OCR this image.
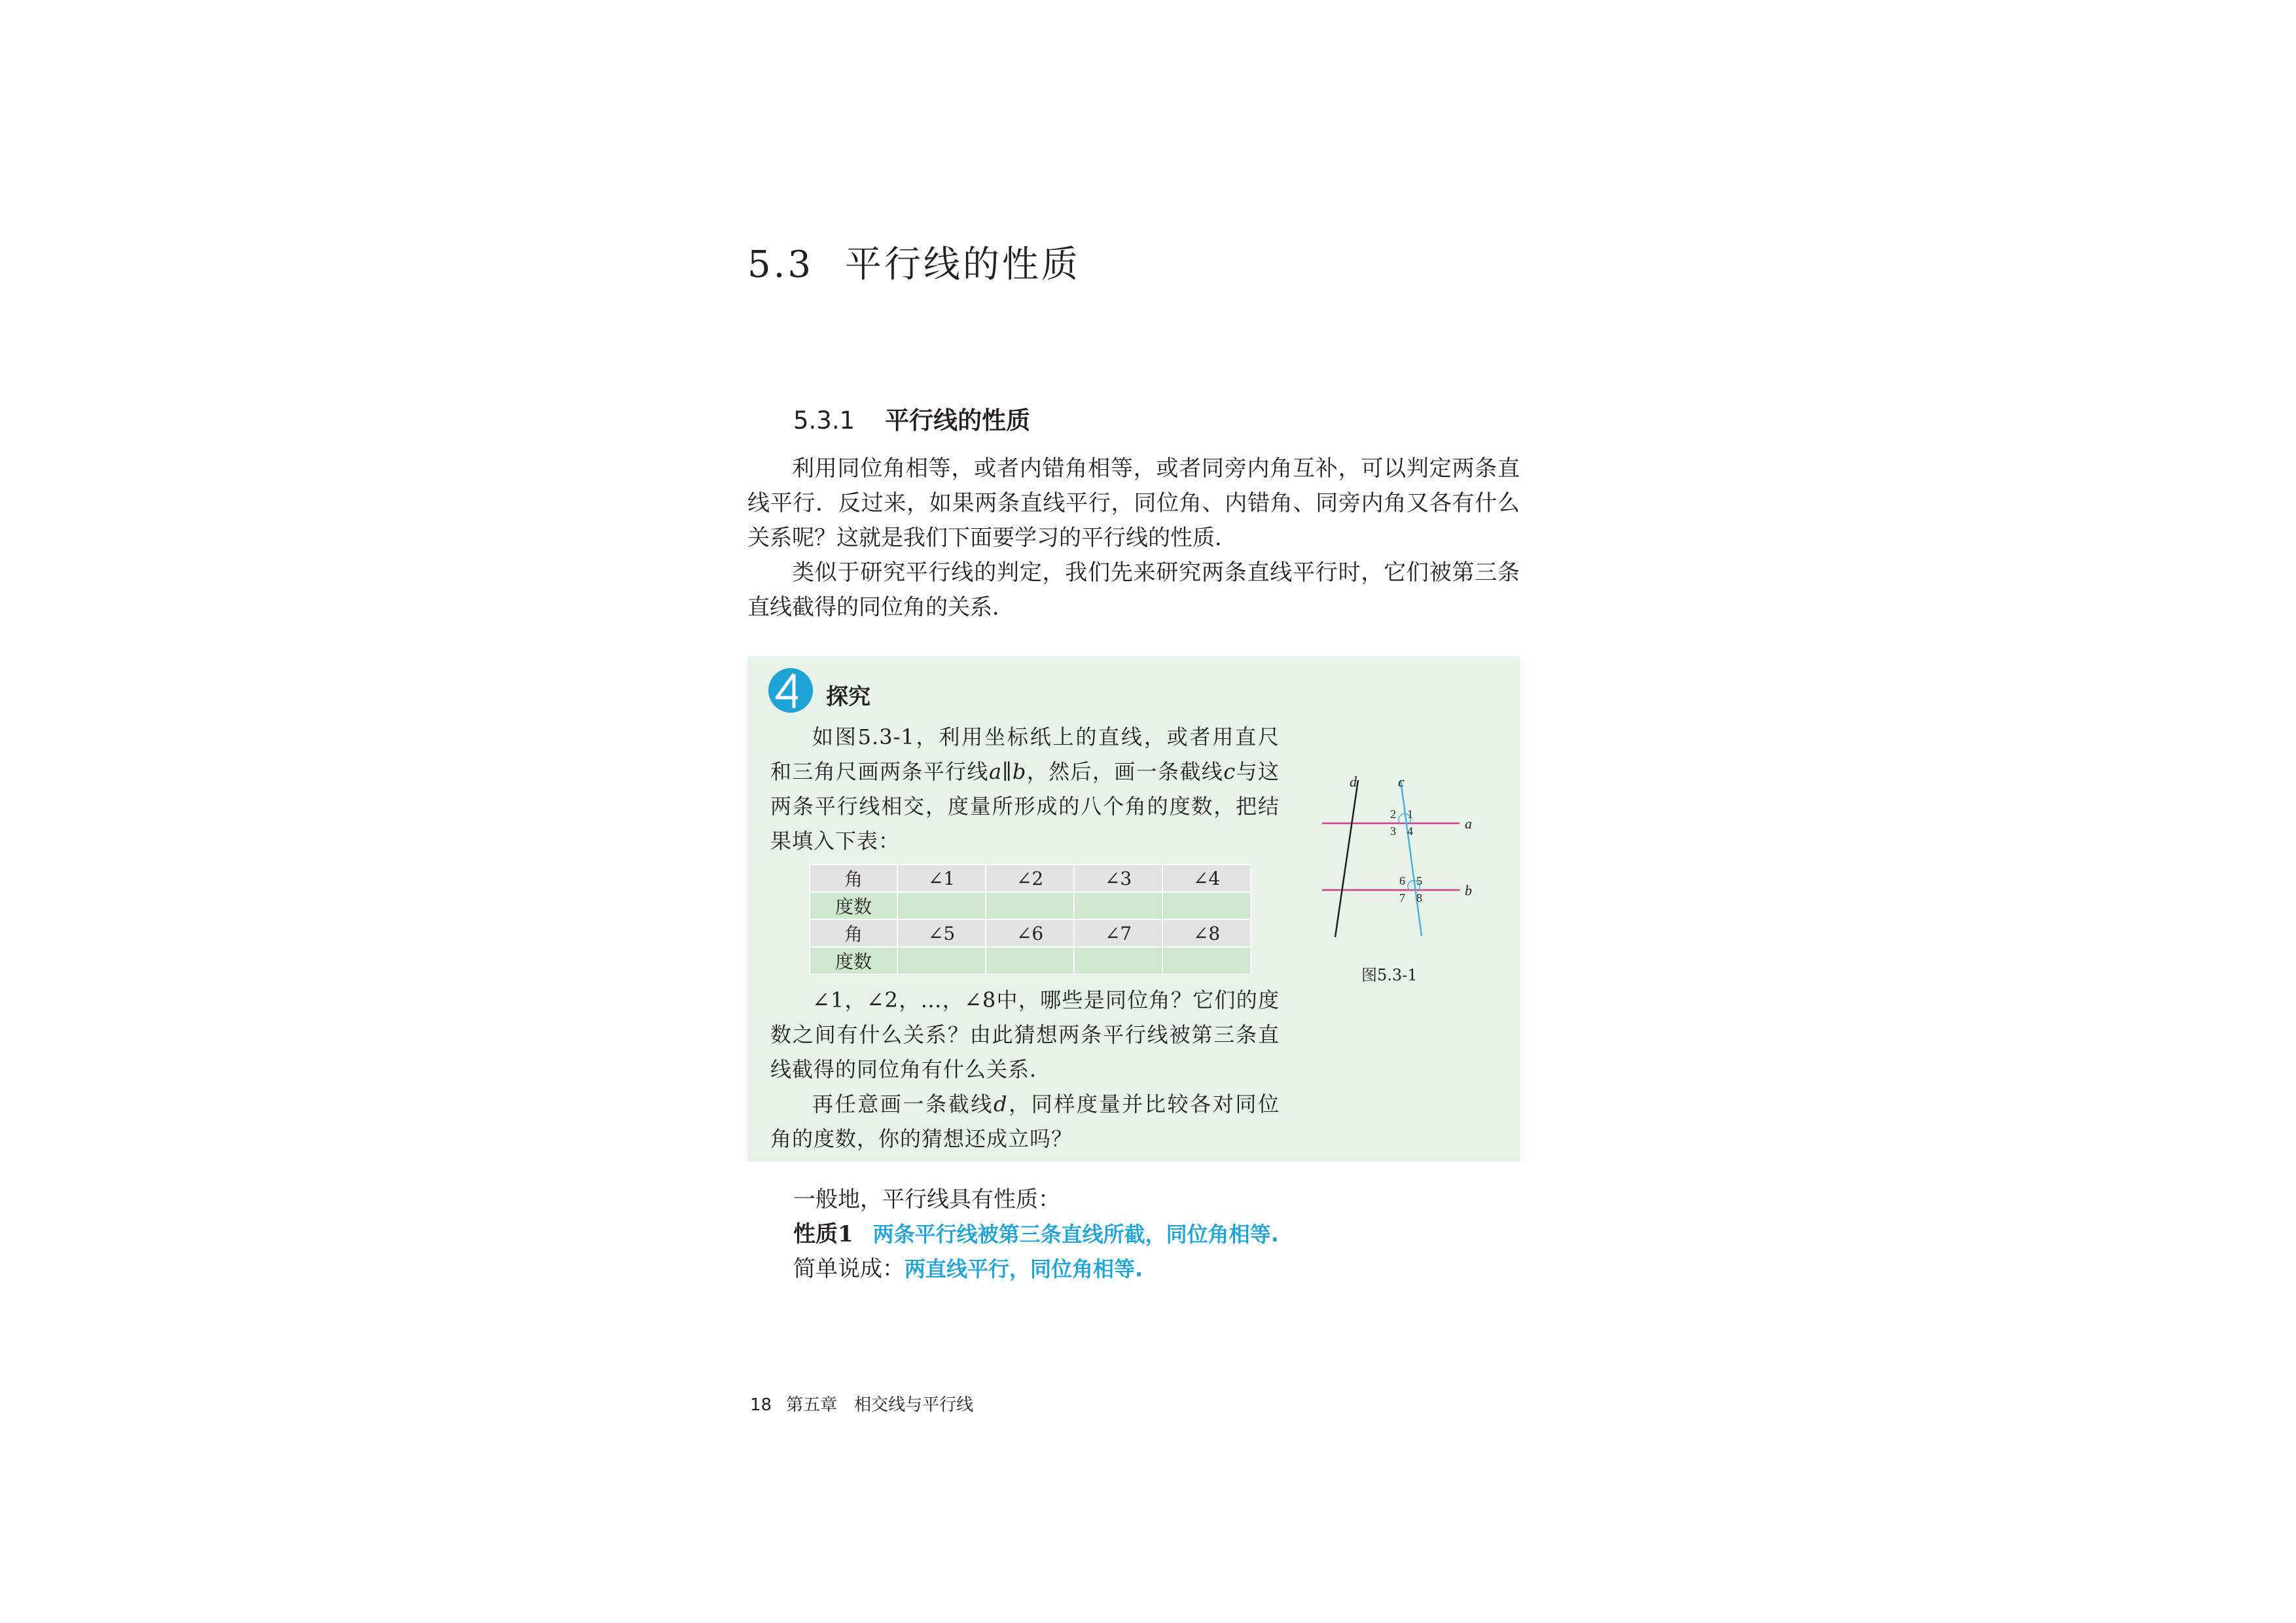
5.3 平行线的性质
5.3.1 平行线的性质

利用同位角相等，或者内错角相等，或者同旁内角互补，可以判定两条直线平行．反过来，如果两条直线平行，同位角、内错角、同旁内角又各有什么关系呢？这就是我们下面要学习的平行线的性质．

类似于研究平行线的判定，我们先来研究两条直线平行时，它们被第三条直线截得的同位角的关系．

探究

如图5.3-1，利用坐标纸上的直线，或者用直尺和三角尺画两条平行线a∥b，然后，画一条截线c与这两条平行线相交，度量所形成的八个角的度数，把结果填入下表：

角	∠1	∠2	∠3	∠4
度数				
角	∠5	∠6	∠7	∠8
度数				

∠1，∠2，…，∠8中，哪些是同位角？它们的度数之间有什么关系？由此猜想两条平行线被第三条直线截得的同位角有什么关系．

再任意画一条截线d，同样度量并比较各对同位角的度数，你的猜想还成立吗？

d	c
a
b
1
2
3 4
5
6
7 8
图5.3-1
一般地，平行线具有性质：
性质1 两条平行线被第三条直线所截，同位角相等.
简单说成：两直线平行，同位角相等.
18 第五章 相交线与平行线
